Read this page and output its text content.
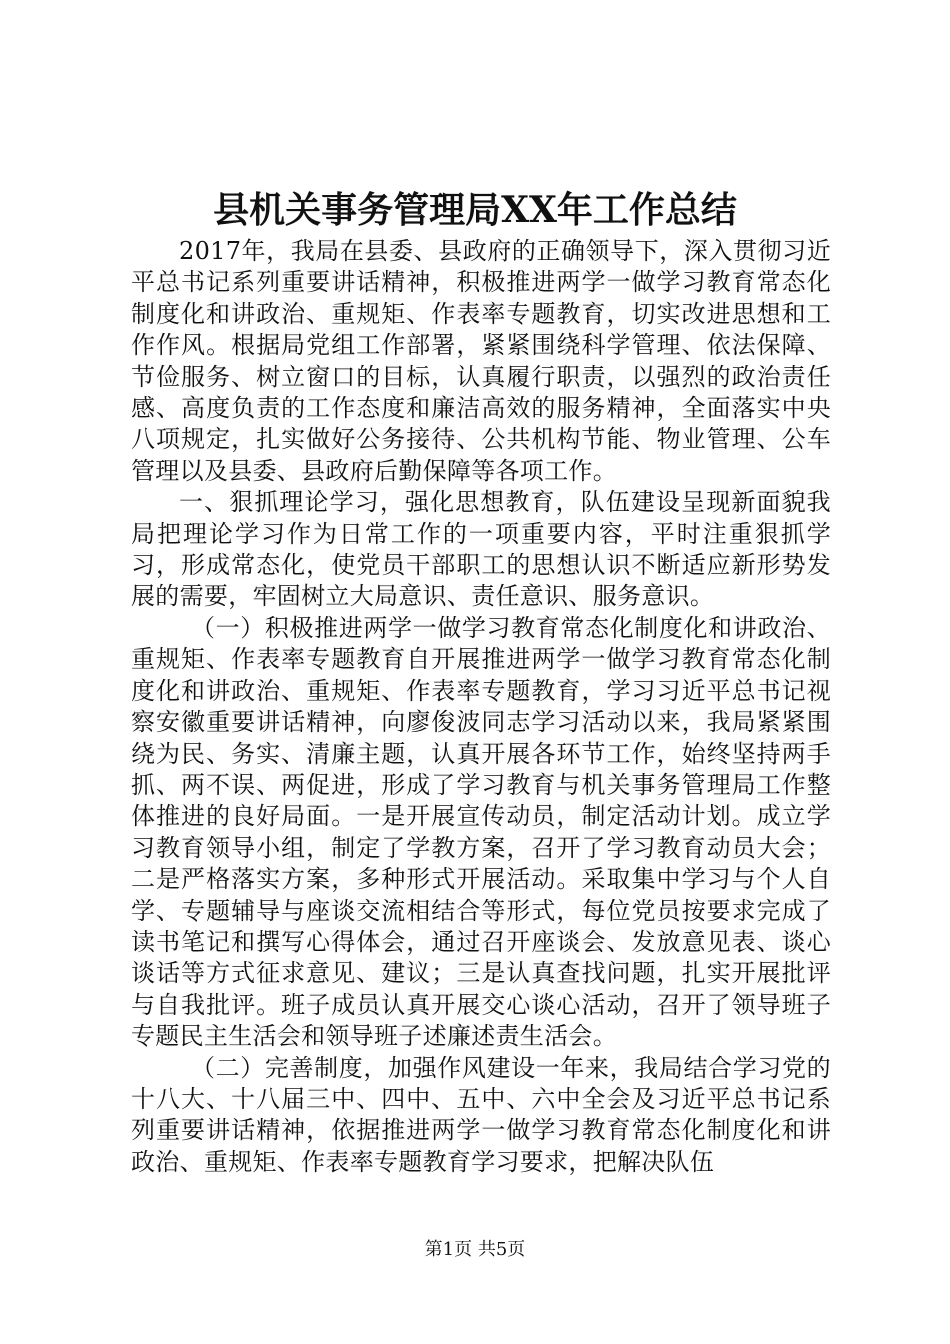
县机关事务管理局XX年工作总结

2017年，我局在县委、县政府的正确领导下，深入贯彻习近平总书记系列重要讲话精神，积极推进两学一做学习教育常态化制度化和讲政治、重规矩、作表率专题教育，切实改进思想和工作作风。根据局党组工作部署，紧紧围绕科学管理、依法保障、节俭服务、树立窗口的目标，认真履行职责，以强烈的政治责任感、高度负责的工作态度和廉洁高效的服务精神，全面落实中央八项规定，扎实做好公务接待、公共机构节能、物业管理、公车管理以及县委、县政府后勤保障等各项工作。

一、狠抓理论学习，强化思想教育，队伍建设呈现新面貌我局把理论学习作为日常工作的一项重要内容，平时注重狠抓学习，形成常态化，使党员干部职工的思想认识不断适应新形势发展的需要，牢固树立大局意识、责任意识、服务意识。

（一）积极推进两学一做学习教育常态化制度化和讲政治、重规矩、作表率专题教育自开展推进两学一做学习教育常态化制度化和讲政治、重规矩、作表率专题教育，学习习近平总书记视察安徽重要讲话精神，向廖俊波同志学习活动以来，我局紧紧围绕为民、务实、清廉主题，认真开展各环节工作，始终坚持两手抓、两不误、两促进，形成了学习教育与机关事务管理局工作整体推进的良好局面。一是开展宣传动员，制定活动计划。成立学习教育领导小组，制定了学教方案，召开了学习教育动员大会；二是严格落实方案，多种形式开展活动。采取集中学习与个人自学、专题辅导与座谈交流相结合等形式，每位党员按要求完成了读书笔记和撰写心得体会，通过召开座谈会、发放意见表、谈心谈话等方式征求意见、建议；三是认真查找问题，扎实开展批评与自我批评。班子成员认真开展交心谈心活动，召开了领导班子专题民主生活会和领导班子述廉述责生活会。

（二）完善制度，加强作风建设一年来，我局结合学习党的十八大、十八届三中、四中、五中、六中全会及习近平总书记系列重要讲话精神，依据推进两学一做学习教育常态化制度化和讲政治、重规矩、作表率专题教育学习要求，把解决队伍

第1页 共5页
